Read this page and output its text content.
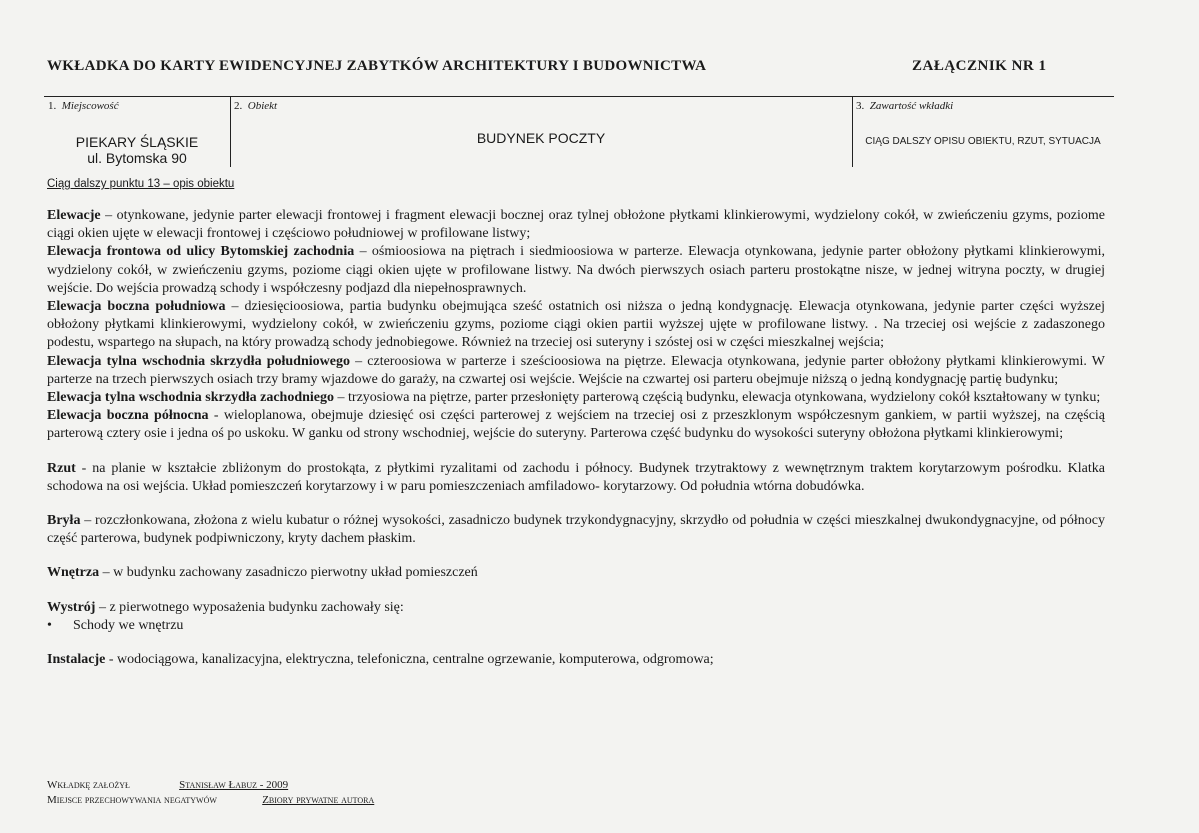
WKŁADKA DO KARTY EWIDENCYJNEJ ZABYTKÓW ARCHITEKTURY I BUDOWNICTWA	ZAŁĄCZNIK NR 1
1. Miejscowość
PIEKARY ŚLĄSKIE
ul. Bytomska 90
2. Obiekt
BUDYNEK POCZTY
3. Zawartość wkładki
CIĄG DALSZY OPISU OBIEKTU, RZUT, SYTUACJA
Ciąg dalszy punktu 13 – opis obiektu

Elewacje – otynkowane, jedynie parter elewacji frontowej i fragment elewacji bocznej oraz tylnej obłożone płytkami klinkierowymi, wydzielony cokół, w zwieńczeniu gzyms, poziome ciągi okien ujęte w elewacji frontowej i częściowo południowej w profilowane listwy;

Elewacja frontowa od ulicy Bytomskiej zachodnia – ośmioosiowa na piętrach i siedmioosiowa w parterze. Elewacja otynkowana, jedynie parter obłożony płytkami klinkierowymi, wydzielony cokół, w zwieńczeniu gzyms, poziome ciągi okien ujęte w profilowane listwy. Na dwóch pierwszych osiach parteru prostokątne nisze, w jednej witryna poczty, w drugiej wejście. Do wejścia prowadzą schody i współczesny podjazd dla niepełnosprawnych.

Elewacja boczna południowa – dziesięcioosiowa, partia budynku obejmująca sześć ostatnich osi niższa o jedną kondygnację. Elewacja otynkowana, jedynie parter części wyższej obłożony płytkami klinkierowymi, wydzielony cokół, w zwieńczeniu gzyms, poziome ciągi okien partii wyższej ujęte w profilowane listwy. . Na trzeciej osi wejście z zadaszonego podestu, wspartego na słupach, na który prowadzą schody jednobiegowe. Również na trzeciej osi suteryny i szóstej osi w części mieszkalnej wejścia;

Elewacja tylna wschodnia skrzydła południowego – czteroosiowa w parterze i sześcioosiowa na piętrze. Elewacja otynkowana, jedynie parter obłożony płytkami klinkierowymi. W parterze na trzech pierwszych osiach trzy bramy wjazdowe do garaży, na czwartej osi wejście. Wejście na czwartej osi parteru obejmuje niższą o jedną kondygnację partię budynku;

Elewacja tylna wschodnia skrzydła zachodniego – trzyosiowa na piętrze, parter przesłonięty parterową częścią budynku, elewacja otynkowana, wydzielony cokół kształtowany w tynku;

Elewacja boczna północna - wieloplanowa, obejmuje dziesięć osi części parterowej z wejściem na trzeciej osi z przeszklonym współczesnym gankiem, w partii wyższej, na częścią parterową cztery osie i jedna oś po uskoku. W ganku od strony wschodniej, wejście do suteryny. Parterowa część budynku do wysokości suteryny obłożona płytkami klinkierowymi;

Rzut - na planie w kształcie zbliżonym do prostokąta, z płytkimi ryzalitami od zachodu i północy. Budynek trzytraktowy z wewnętrznym traktem korytarzowym pośrodku. Klatka schodowa na osi wejścia. Układ pomieszczeń korytarzowy i w paru pomieszczeniach amfiladowo- korytarzowy. Od południa wtórna dobudówka.

Bryła – rozczłonkowana, złożona z wielu kubatur o różnej wysokości, zasadniczo budynek trzykondygnacyjny, skrzydło od południa w części mieszkalnej dwukondygnacyjne, od północy część parterowa, budynek podpiwniczony, kryty dachem płaskim.

Wnętrza – w budynku zachowany zasadniczo pierwotny układ pomieszczeń

Wystrój – z pierwotnego wyposażenia budynku zachowały się:

•	Schody we wnętrzu

Instalacje - wodociągowa, kanalizacyjna, elektryczna, telefoniczna, centralne ogrzewanie, komputerowa, odgromowa;

Wkładkę założył	Stanisław Łabuz - 2009
Miejsce przechowywania negatywów	Zbiory prywatne autora
